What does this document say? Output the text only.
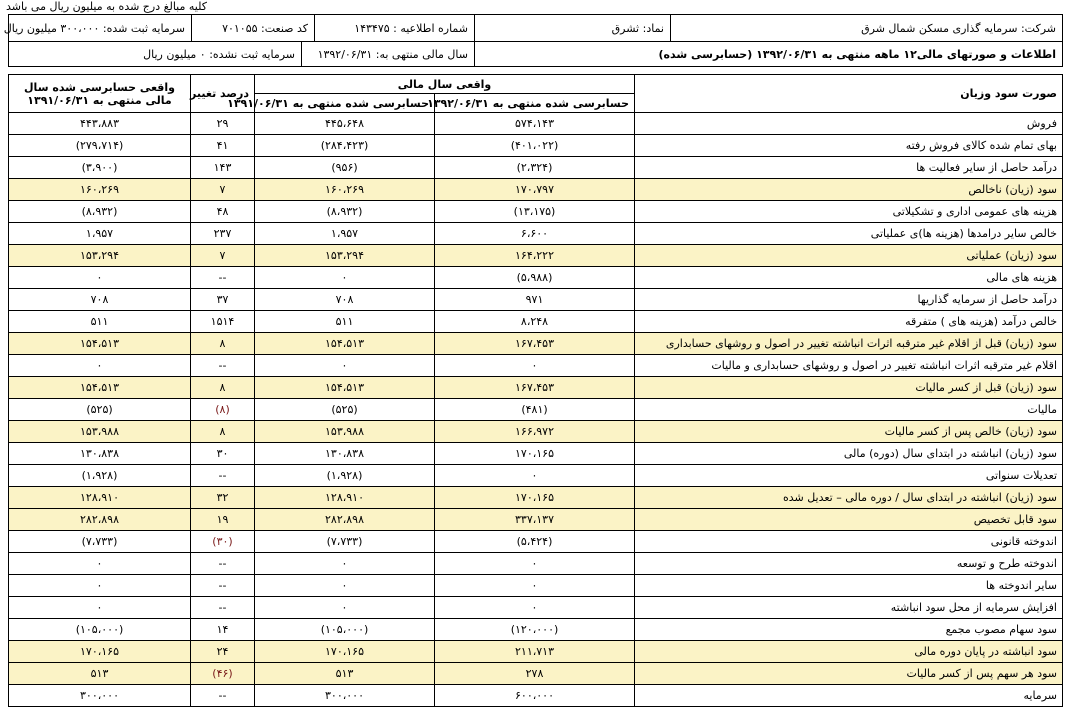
کلیه مبالغ درج شده به میلیون ریال می باشد
شرکت: سرمایه گذاری مسکن شمال شرق	نماد: ثشرق	شماره اطلاعیه : ۱۴۳۴۷۵	
کد صنعت: ۷۰۱۰۵۵	سرمایه ثبت شده: ۳۰۰،۰۰۰ میلیون ریال

اطلاعات و صورتهای مالی۱۲ ماهه منتهی به ۱۳۹۲/۰۶/۳۱ (حسابرسی شده)	
سال مالی منتهی به: ۱۳۹۲/۰۶/۳۱	سرمایه ثبت نشده: ۰ میلیون ریال
صورت سود وزیان	واقعی سال مالی		درصد تغییر	واقعی حسابرسی شده سال مالی منتهی به ۱۳۹۱/۰۶/۳۱
	حسابرسی شده منتهی به ۱۳۹۲/۰۶/۳۱	حسابرسی شده منتهی به ۱۳۹۱/۰۶/۳۱		
فروش	۵۷۴،۱۴۳	۴۴۵،۶۴۸	۲۹	۴۴۳،۸۸۳
بهای تمام شده کالای فروش رفته	(۴۰۱،۰۲۲)	(۲۸۴،۴۲۳)	۴۱	(۲۷۹،۷۱۴)
درآمد حاصل از سایر فعالیت ها	(۲،۳۲۴)	(۹۵۶)	۱۴۳	(۳،۹۰۰)
سود (زیان) ناخالص	۱۷۰،۷۹۷	۱۶۰،۲۶۹	۷	۱۶۰،۲۶۹
هزینه های عمومی اداری و تشکیلاتی	(۱۳،۱۷۵)	(۸،۹۳۲)	۴۸	(۸،۹۳۲)
خالص سایر درامدها (هزینه ها)ی عملیاتی	۶،۶۰۰	۱،۹۵۷	۲۳۷	۱،۹۵۷
سود (زیان) عملیاتی	۱۶۴،۲۲۲	۱۵۳،۲۹۴	۷	۱۵۳،۲۹۴
هزینه های مالی	(۵،۹۸۸)	۰	--	۰
درآمد حاصل از سرمایه گذاریها	۹۷۱	۷۰۸	۳۷	۷۰۸
خالص درآمد (هزینه های ) متفرقه	۸،۲۴۸	۵۱۱	۱۵۱۴	۵۱۱
سود (زیان) قبل از اقلام غیر مترقبه اثرات انباشته تغییر در اصول و روشهای حسابداری	۱۶۷،۴۵۳	۱۵۴،۵۱۳	۸	۱۵۴،۵۱۳
اقلام غیر مترقبه اثرات انباشته تغییر در اصول و روشهای حسابداری و مالیات	۰	۰	--	۰
سود (زیان) قبل از کسر مالیات	۱۶۷،۴۵۳	۱۵۴،۵۱۳	۸	۱۵۴،۵۱۳
مالیات	(۴۸۱)	(۵۲۵)	(۸)	(۵۲۵)
سود (زیان) خالص پس از کسر مالیات	۱۶۶،۹۷۲	۱۵۳،۹۸۸	۸	۱۵۳،۹۸۸
سود (زیان) انباشته در ابتدای سال (دوره) مالی	۱۷۰،۱۶۵	۱۳۰،۸۳۸	۳۰	۱۳۰،۸۳۸
تعدیلات سنواتی	۰	(۱،۹۲۸)	--	(۱،۹۲۸)
سود (زیان) انباشته در ابتدای سال / دوره مالی – تعدیل شده	۱۷۰،۱۶۵	۱۲۸،۹۱۰	۳۲	۱۲۸،۹۱۰
سود قابل تخصیص	۳۳۷،۱۳۷	۲۸۲،۸۹۸	۱۹	۲۸۲،۸۹۸
اندوخته قانونی	(۵،۴۲۴)	(۷،۷۳۳)	(۳۰)	(۷،۷۳۳)
اندوخته طرح و توسعه	۰	۰	--	۰
سایر اندوخته ها	۰	۰	--	۰
افزایش سرمایه از محل سود انباشته	۰	۰	--	۰
سود سهام مصوب مجمع	(۱۲۰،۰۰۰)	(۱۰۵،۰۰۰)	۱۴	(۱۰۵،۰۰۰)
سود انباشته در پایان دوره مالی	۲۱۱،۷۱۳	۱۷۰،۱۶۵	۲۴	۱۷۰،۱۶۵
سود هر سهم پس از کسر مالیات	۲۷۸	۵۱۳	(۴۶)	۵۱۳
سرمایه	۶۰۰،۰۰۰	۳۰۰،۰۰۰	--	۳۰۰،۰۰۰
